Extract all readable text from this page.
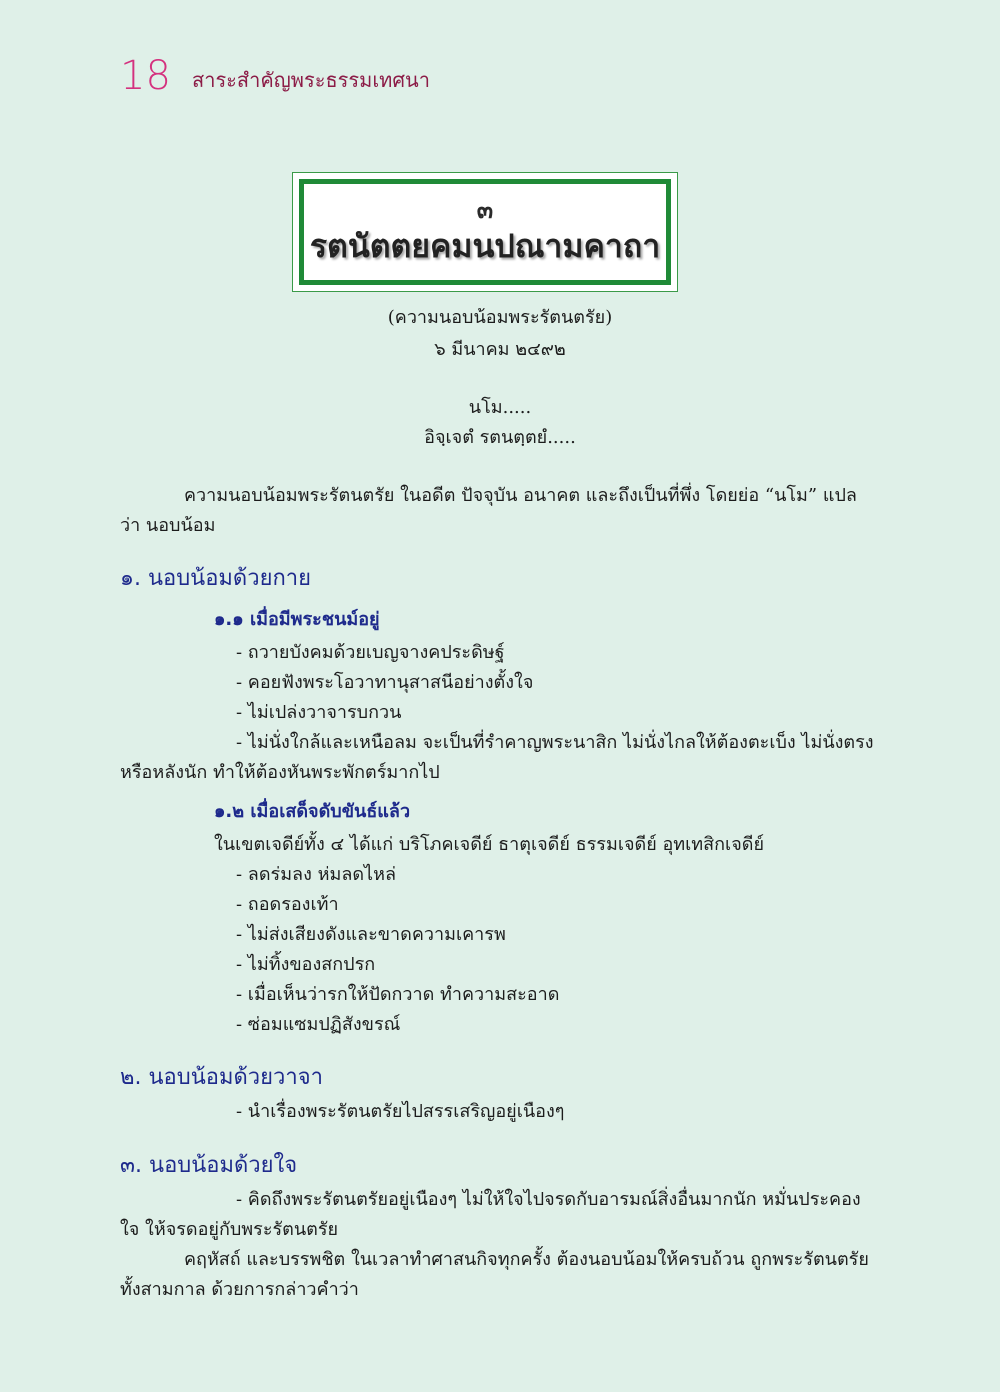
18 สาระสำคัญพระธรรมเทศนา
๓
รตนัตตยคมนปณามคาถา
(ความนอบน้อมพระรัตนตรัย)
๖ มีนาคม ๒๔๙๒
นโม.....
อิจฺเจตํ รตนตฺตยํ.....
ความนอบน้อมพระรัตนตรัย ในอดีต ปัจจุบัน อนาคต และถึงเป็นที่พึ่ง โดยย่อ “นโม” แปล
ว่า นอบน้อม
๑. นอบน้อมด้วยกาย
๑.๑ เมื่อมีพระชนม์อยู่
- ถวายบังคมด้วยเบญจางคประดิษฐ์
- คอยฟังพระโอวาทานุสาสนีอย่างตั้งใจ
- ไม่เปล่งวาจารบกวน
- ไม่นั่งใกล้และเหนือลม จะเป็นที่รำคาญพระนาสิก ไม่นั่งไกลให้ต้องตะเบ็ง ไม่นั่งตรง
หรือหลังนัก ทำให้ต้องหันพระพักตร์มากไป
๑.๒ เมื่อเสด็จดับขันธ์แล้ว
ในเขตเจดีย์ทั้ง ๔ ได้แก่ บริโภคเจดีย์ ธาตุเจดีย์ ธรรมเจดีย์ อุทเทสิกเจดีย์
- ลดร่มลง ห่มลดไหล่
- ถอดรองเท้า
- ไม่ส่งเสียงดังและขาดความเคารพ
- ไม่ทิ้งของสกปรก
- เมื่อเห็นว่ารกให้ปัดกวาด ทำความสะอาด
- ซ่อมแซมปฏิสังขรณ์
๒. นอบน้อมด้วยวาจา
- นำเรื่องพระรัตนตรัยไปสรรเสริญอยู่เนืองๆ
๓. นอบน้อมด้วยใจ
- คิดถึงพระรัตนตรัยอยู่เนืองๆ ไม่ให้ใจไปจรดกับอารมณ์สิ่งอื่นมากนัก หมั่นประคอง
ใจ ให้จรดอยู่กับพระรัตนตรัย
คฤหัสถ์ และบรรพชิต ในเวลาทำศาสนกิจทุกครั้ง ต้องนอบน้อมให้ครบถ้วน ถูกพระรัตนตรัย
ทั้งสามกาล ด้วยการกล่าวคำว่า
